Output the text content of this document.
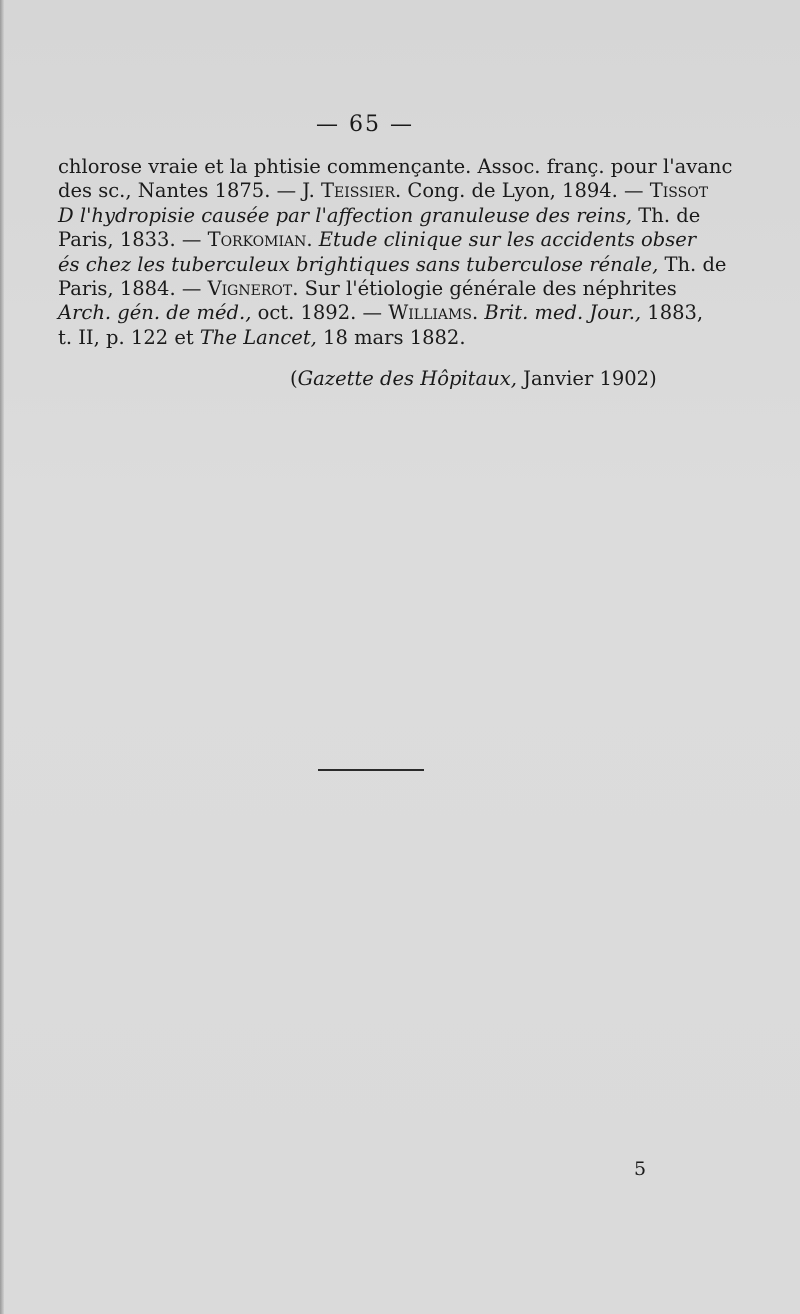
— 65 —
chlorose vraie et la phtisie commençante. Assoc. franç. pour l'avanc
des sc., Nantes 1875. — J. Teissier. Cong. de Lyon, 1894. — Tissot
D l'hydropisie causée par l'affection granuleuse des reins, Th. de
Paris, 1833. — Torkomian. Etude clinique sur les accidents obser
és chez les tuberculeux brightiques sans tuberculose rénale, Th. de
Paris, 1884. — Vignerot. Sur l'étiologie générale des néphrites
Arch. gén. de méd., oct. 1892. — Williams. Brit. med. Jour., 1883,
t. II, p. 122 et The Lancet, 18 mars 1882.
(Gazette des Hôpitaux, Janvier 1902)
5
